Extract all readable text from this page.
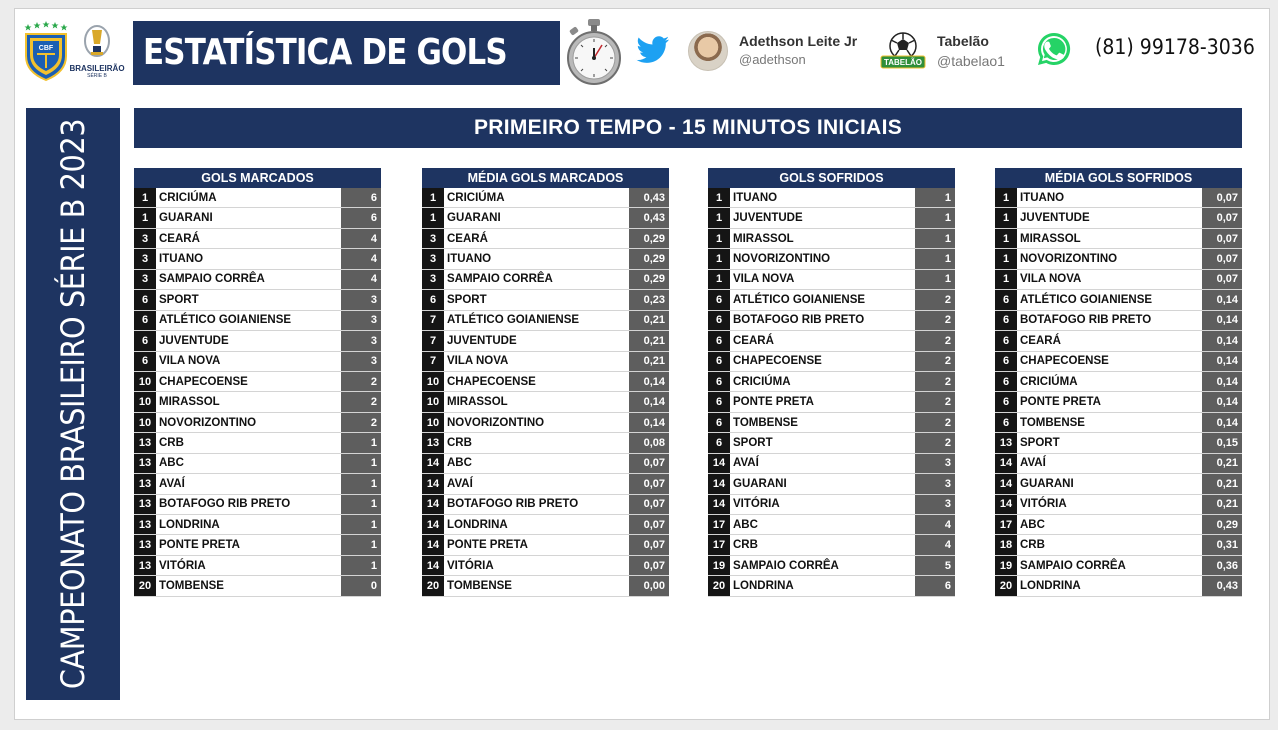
CBF
BRASILEIRÃO
SÉRIE B
ESTATÍSTICA DE GOLS	Adethson Leite Jr
@adethson	TABELÃO
Tabelão
@tabelao1
(81) 99178-3036
CAMPEONATO BRASILEIRO SÉRIE B 2023	PRIMEIRO TEMPO - 15 MINUTOS INICIAIS
GOLS MARCADOS
1 CRICIÚMA	6
1 GUARANI	6
3 CEARÁ	4
3 ITUANO	4
3 SAMPAIO CORRÊA	4
6 SPORT	3
6 ATLÉTICO GOIANIENSE	3
6 JUVENTUDE	3
6 VILA NOVA	3
10 CHAPECOENSE	2
10 MIRASSOL	2
10 NOVORIZONTINO	2
13 CRB	1
13 ABC	1
13 AVAÍ	1
13 BOTAFOGO RIB PRETO	1
13 LONDRINA	1
13 PONTE PRETA	1
13 VITÓRIA	1
20 TOMBENSE	0
MÉDIA GOLS MARCADOS
1 CRICIÚMA	0,43
1 GUARANI	0,43
3 CEARÁ	0,29
3 ITUANO	0,29
3 SAMPAIO CORRÊA	0,29
6 SPORT	0,23
7 ATLÉTICO GOIANIENSE	0,21
7 JUVENTUDE	0,21
7 VILA NOVA	0,21
10 CHAPECOENSE	0,14
10 MIRASSOL	0,14
10 NOVORIZONTINO	0,14
13 CRB	0,08
14 ABC	0,07
14 AVAÍ	0,07
14 BOTAFOGO RIB PRETO	0,07
14 LONDRINA	0,07
14 PONTE PRETA	0,07
14 VITÓRIA	0,07
20 TOMBENSE	0,00
GOLS SOFRIDOS
1 ITUANO	1
1 JUVENTUDE	1
1 MIRASSOL	1
1 NOVORIZONTINO	1
1 VILA NOVA	1
6 ATLÉTICO GOIANIENSE	2
6 BOTAFOGO RIB PRETO	2
6 CEARÁ	2
6 CHAPECOENSE	2
6 CRICIÚMA	2
6 PONTE PRETA	2
6 TOMBENSE	2
6 SPORT	2
14 AVAÍ	3
14 GUARANI	3
14 VITÓRIA	3
17 ABC	4
17 CRB	4
19 SAMPAIO CORRÊA	5
20 LONDRINA	6
MÉDIA GOLS SOFRIDOS
1 ITUANO	0,07
1 JUVENTUDE	0,07
1 MIRASSOL	0,07
1 NOVORIZONTINO	0,07
1 VILA NOVA	0,07
6 ATLÉTICO GOIANIENSE	0,14
6 BOTAFOGO RIB PRETO	0,14
6 CEARÁ	0,14
6 CHAPECOENSE	0,14
6 CRICIÚMA	0,14
6 PONTE PRETA	0,14
6 TOMBENSE	0,14
13 SPORT	0,15
14 AVAÍ	0,21
14 GUARANI	0,21
14 VITÓRIA	0,21
17 ABC	0,29
18 CRB	0,31
19 SAMPAIO CORRÊA	0,36
20 LONDRINA	0,43
